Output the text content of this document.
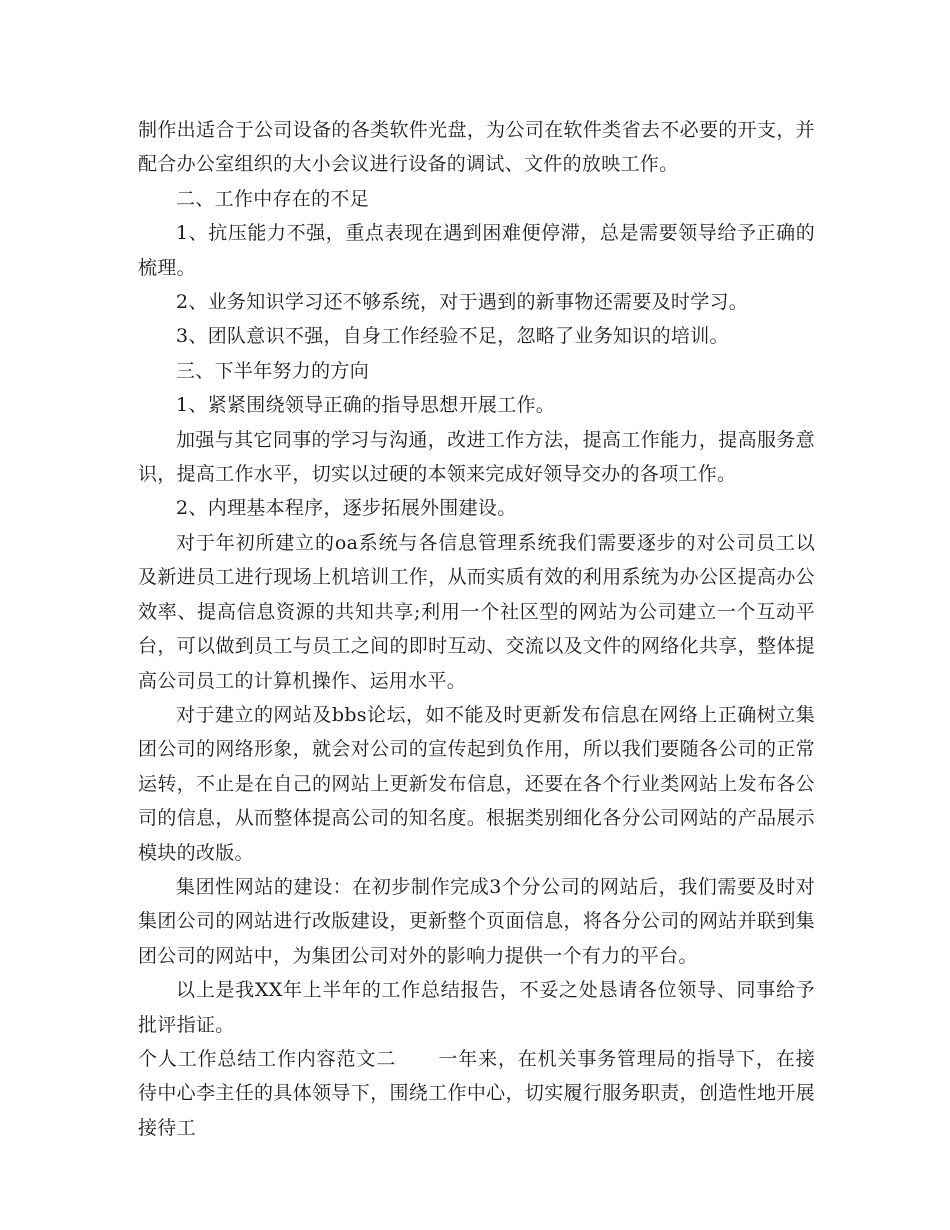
制作出适合于公司设备的各类软件光盘，为公司在软件类省去不必要的开支，并配合办公室组织的大小会议进行设备的调试、文件的放映工作。

二、工作中存在的不足

1、抗压能力不强，重点表现在遇到困难便停滞，总是需要领导给予正确的梳理。

2、业务知识学习还不够系统，对于遇到的新事物还需要及时学习。

3、团队意识不强，自身工作经验不足，忽略了业务知识的培训。

三、下半年努力的方向

1、紧紧围绕领导正确的指导思想开展工作。

加强与其它同事的学习与沟通，改进工作方法，提高工作能力，提高服务意识，提高工作水平，切实以过硬的本领来完成好领导交办的各项工作。

2、内理基本程序，逐步拓展外围建设。

对于年初所建立的oa系统与各信息管理系统我们需要逐步的对公司员工以及新进员工进行现场上机培训工作，从而实质有效的利用系统为办公区提高办公效率、提高信息资源的共知共享;利用一个社区型的网站为公司建立一个互动平台，可以做到员工与员工之间的即时互动、交流以及文件的网络化共享，整体提高公司员工的计算机操作、运用水平。

对于建立的网站及bbs论坛，如不能及时更新发布信息在网络上正确树立集团公司的网络形象，就会对公司的宣传起到负作用，所以我们要随各公司的正常运转，不止是在自己的网站上更新发布信息，还要在各个行业类网站上发布各公司的信息，从而整体提高公司的知名度。根据类别细化各分公司网站的产品展示模块的改版。

集团性网站的建设：在初步制作完成3个分公司的网站后，我们需要及时对集团公司的网站进行改版建设，更新整个页面信息，将各分公司的网站并联到集团公司的网站中，为集团公司对外的影响力提供一个有力的平台。

以上是我XX年上半年的工作总结报告，不妥之处恳请各位领导、同事给予批评指证。

个人工作总结工作内容范文二 一年来，在机关事务管理局的指导下，在接待中心李主任的具体领导下，围绕工作中心，切实履行服务职责，创造性地开展接待工
